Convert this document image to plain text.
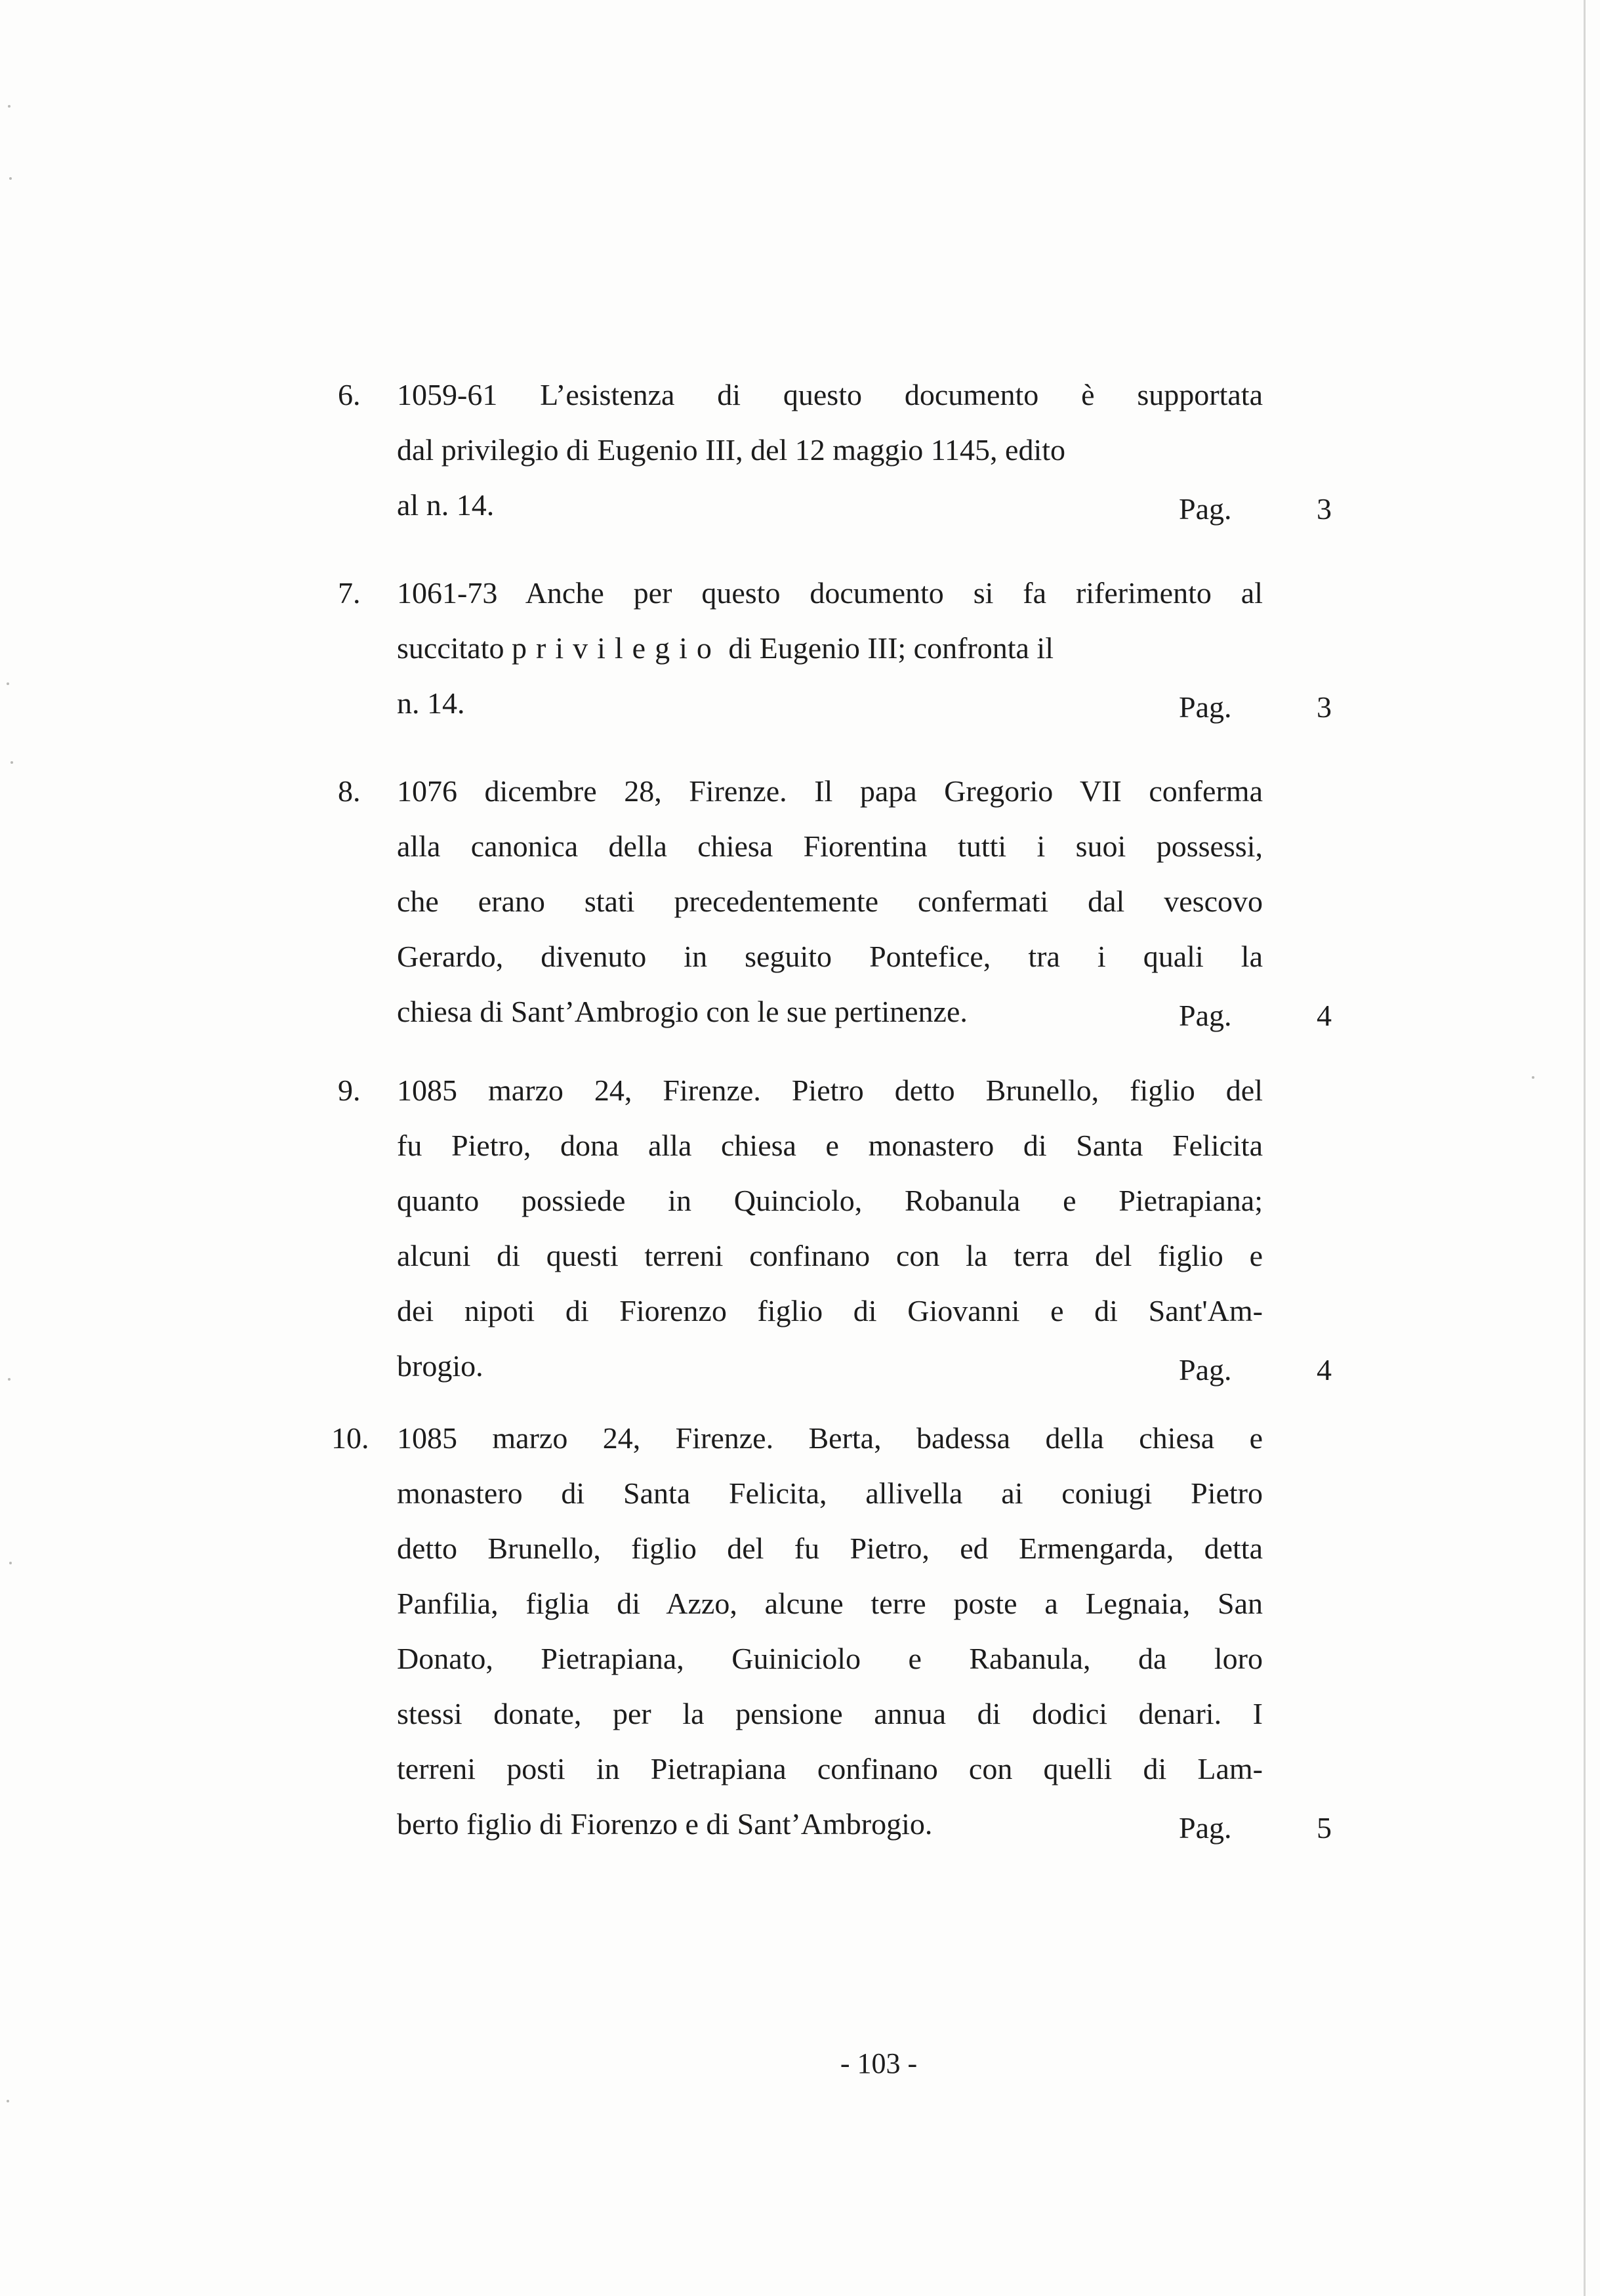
6. 1059-61 L’esistenza di questo documento è supportata
dal privilegio di Eugenio III, del 12 maggio 1145, edito
al n. 14.	Pag.	3
7. 1061-73 Anche per questo documento si fa riferimento al
succitato privilegio di Eugenio III; confronta il
n. 14.	Pag.	3
8. 1076 dicembre 28, Firenze. Il papa Gregorio VII conferma
alla canonica della chiesa Fiorentina tutti i suoi possessi,
che erano stati precedentemente confermati dal vescovo
Gerardo, divenuto in seguito Pontefice, tra i quali la
chiesa di Sant’Ambrogio con le sue pertinenze.	Pag.	4
9. 1085 marzo 24, Firenze. Pietro detto Brunello, figlio del
fu Pietro, dona alla chiesa e monastero di Santa Felicita
quanto possiede in Quinciolo, Robanula e Pietrapiana;
alcuni di questi terreni confinano con la terra del figlio e
dei nipoti di Fiorenzo figlio di Giovanni e di Sant'Am-
brogio.	Pag.	4
10. 1085 marzo 24, Firenze. Berta, badessa della chiesa e
monastero di Santa Felicita, allivella ai coniugi Pietro
detto Brunello, figlio del fu Pietro, ed Ermengarda, detta
Panfilia, figlia di Azzo, alcune terre poste a Legnaia, San
Donato, Pietrapiana, Guiniciolo e Rabanula, da loro
stessi donate, per la pensione annua di dodici denari. I
terreni posti in Pietrapiana confinano con quelli di Lam-
berto figlio di Fiorenzo e di Sant’Ambrogio.	Pag.	5
- 103 -
